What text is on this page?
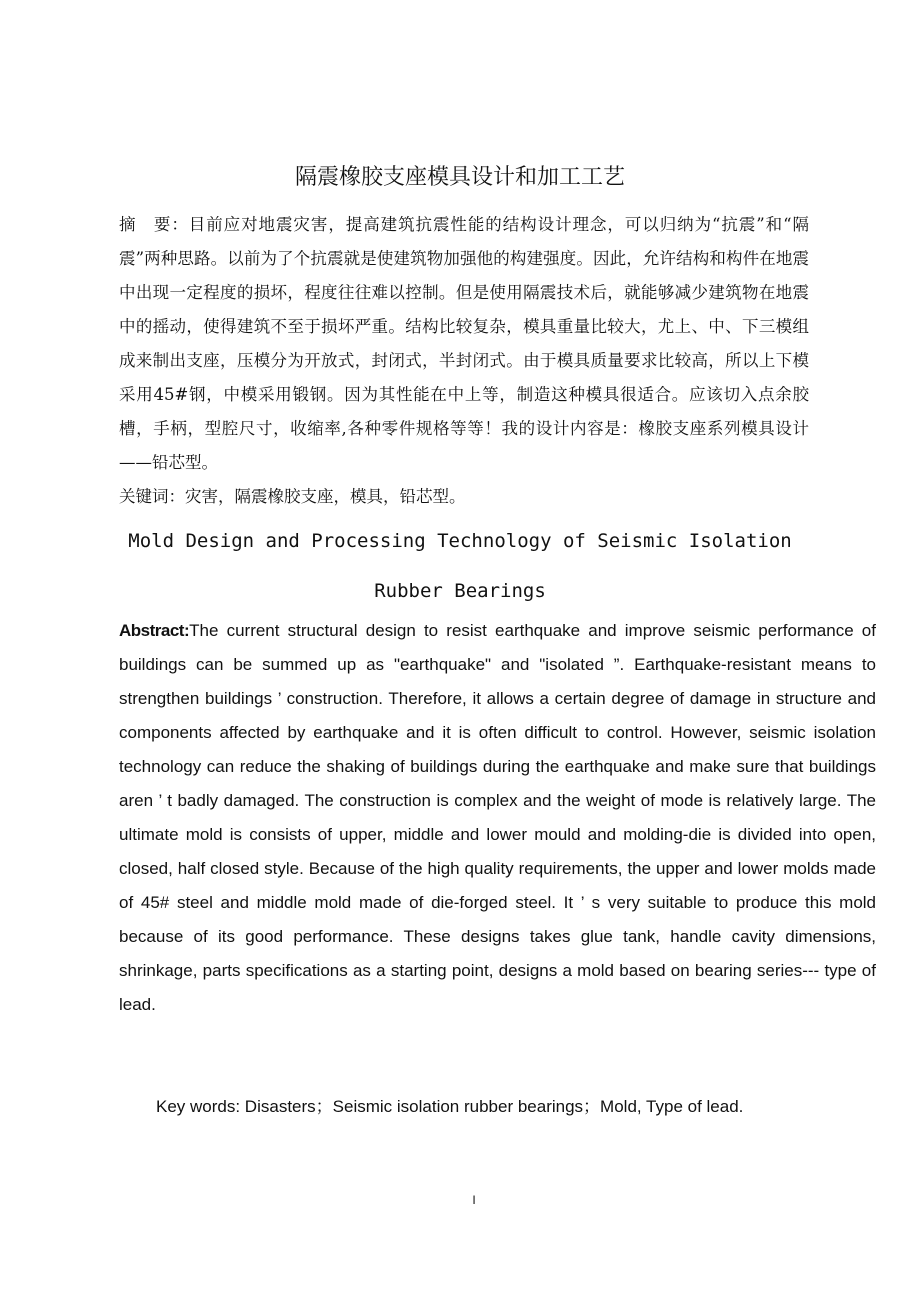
隔震橡胶支座模具设计和加工工艺
摘　要：目前应对地震灾害，提高建筑抗震性能的结构设计理念，可以归纳为“抗震”和“隔震”两种思路。以前为了个抗震就是使建筑物加强他的构建强度。因此，允许结构和构件在地震中出现一定程度的损坏，程度往往难以控制。但是使用隔震技术后，就能够减少建筑物在地震中的摇动，使得建筑不至于损坏严重。结构比较复杂，模具重量比较大，尤上、中、下三模组成来制出支座，压模分为开放式，封闭式，半封闭式。由于模具质量要求比较高，所以上下模采用45#钢，中模采用锻钢。因为其性能在中上等，制造这种模具很适合。应该切入点余胶槽，手柄，型腔尺寸，收缩率,各种零件规格等等！我的设计内容是：橡胶支座系列模具设计——铅芯型。
关键词：灾害，隔震橡胶支座，模具，铅芯型。
Mold Design and Processing Technology of Seismic Isolation
Rubber Bearings
Abstract:The current structural design to resist earthquake and improve seismic performance of buildings can be summed up as "earthquake" and "isolated ”. Earthquake-resistant means to strengthen buildings ’ construction. Therefore, it allows a certain degree of damage in structure and components affected by earthquake and it is often difficult to control. However, seismic isolation technology can reduce the shaking of buildings during the earthquake and make sure that buildings aren ’ t badly damaged. The construction is complex and the weight of mode is relatively large. The ultimate mold is consists of upper, middle and lower mould and molding-die is divided into open, closed, half closed style. Because of the high quality requirements, the upper and lower molds made of 45# steel and middle mold made of die-forged steel. It ’ s very suitable to produce this mold because of its good performance. These designs takes glue tank, handle cavity dimensions, shrinkage, parts specifications as a starting point, designs a mold based on bearing series--- type of lead.
Key words: Disasters；Seismic isolation rubber bearings；Mold, Type of lead.
I
